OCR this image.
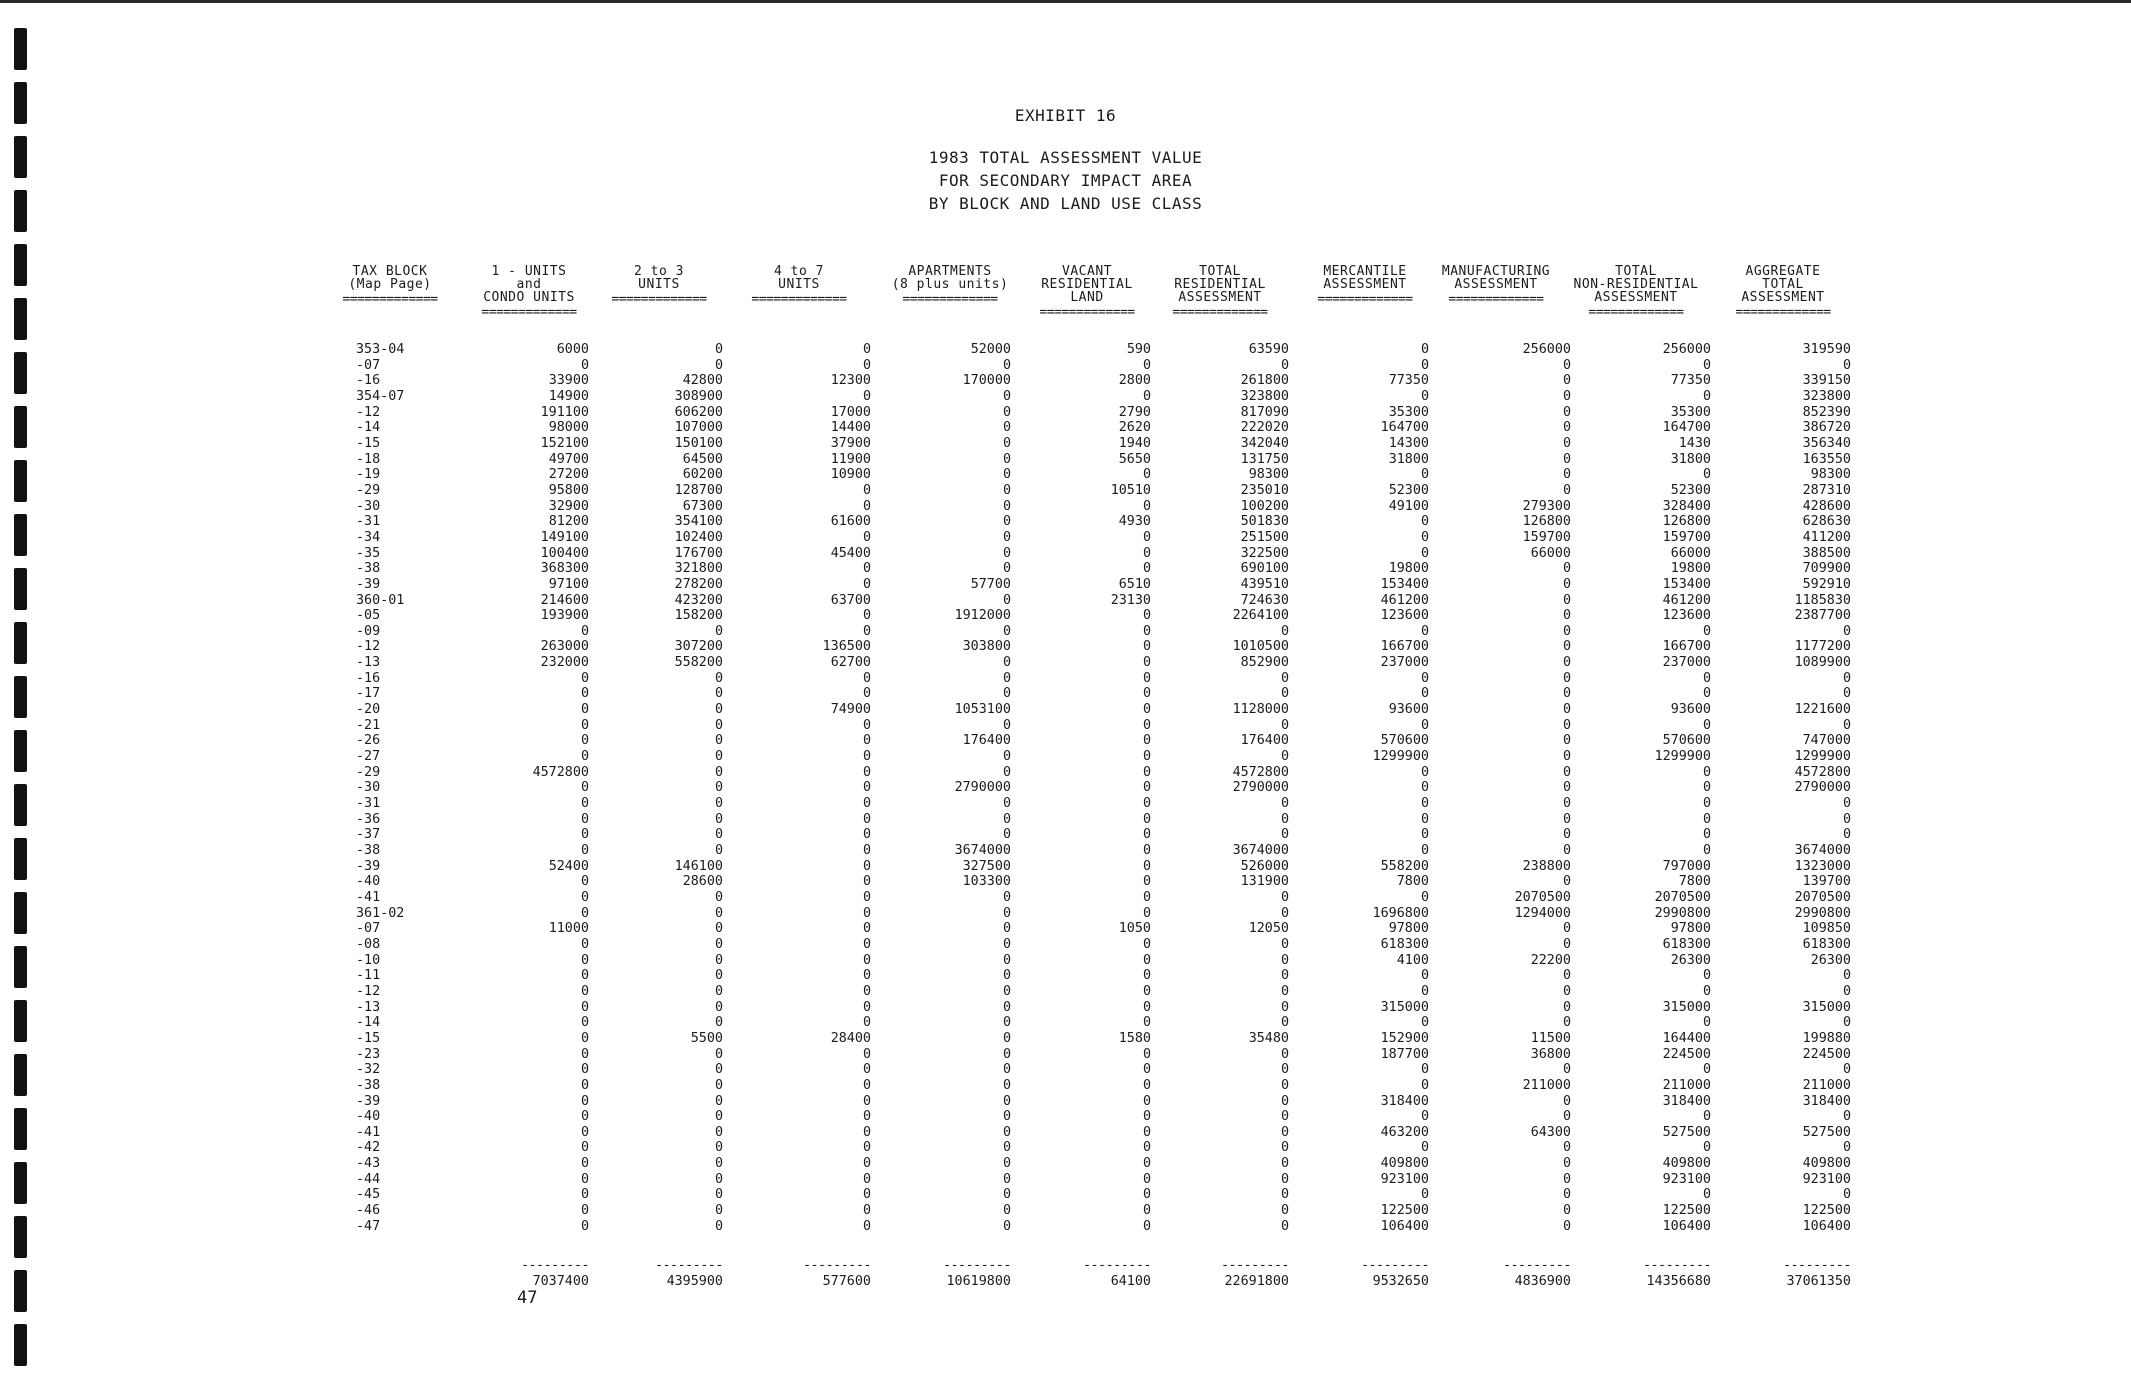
EXHIBIT 16
1983 TOTAL ASSESSMENT VALUE
FOR SECONDARY IMPACT AREA
BY BLOCK AND LAND USE CLASS
TAX BLOCK
(Map Page)
=============
1 - UNITS
and
CONDO UNITS
=============
2 to 3
UNITS
=============
4 to 7
UNITS
=============
APARTMENTS
(8 plus units)
=============
VACANT
RESIDENTIAL
LAND
=============
TOTAL
RESIDENTIAL
ASSESSMENT
=============
MERCANTILE
ASSESSMENT
=============
MANUFACTURING
ASSESSMENT
=============
TOTAL
NON-RESIDENTIAL
ASSESSMENT
=============
AGGREGATE
TOTAL
ASSESSMENT
=============
353-04
-07
-16
354-07
-12
-14
-15
-18
-19
-29
-30
-31
-34
-35
-38
-39
360-01
-05
-09
-12
-13
-16
-17
-20
-21
-26
-27
-29
-30
-31
-36
-37
-38
-39
-40
-41
361-02
-07
-08
-10
-11
-12
-13
-14
-15
-23
-32
-38
-39
-40
-41
-42
-43
-44
-45
-46
-47
6000
0
33900
14900
191100
98000
152100
49700
27200
95800
32900
81200
149100
100400
368300
97100
214600
193900
0
263000
232000
0
0
0
0
0
0
4572800
0
0
0
0
0
52400
0
0
0
11000
0
0
0
0
0
0
0
0
0
0
0
0
0
0
0
0
0
0
0
0
0
42800
308900
606200
107000
150100
64500
60200
128700
67300
354100
102400
176700
321800
278200
423200
158200
0
307200
558200
0
0
0
0
0
0
0
0
0
0
0
0
146100
28600
0
0
0
0
0
0
0
0
0
5500
0
0
0
0
0
0
0
0
0
0
0
0
0
0
12300
0
17000
14400
37900
11900
10900
0
0
61600
0
45400
0
0
63700
0
0
136500
62700
0
0
74900
0
0
0
0
0
0
0
0
0
0
0
0
0
0
0
0
0
0
0
0
28400
0
0
0
0
0
0
0
0
0
0
0
0
52000
0
170000
0
0
0
0
0
0
0
0
0
0
0
0
57700
0
1912000
0
303800
0
0
0
1053100
0
176400
0
0
2790000
0
0
0
3674000
327500
103300
0
0
0
0
0
0
0
0
0
0
0
0
0
0
0
0
0
0
0
0
0
0
590
0
2800
0
2790
2620
1940
5650
0
10510
0
4930
0
0
0
6510
23130
0
0
0
0
0
0
0
0
0
0
0
0
0
0
0
0
0
0
0
0
1050
0
0
0
0
0
0
1580
0
0
0
0
0
0
0
0
0
0
0
0
63590
0
261800
323800
817090
222020
342040
131750
98300
235010
100200
501830
251500
322500
690100
439510
724630
2264100
0
1010500
852900
0
0
1128000
0
176400
0
4572800
2790000
0
0
0
3674000
526000
131900
0
0
12050
0
0
0
0
0
0
35480
0
0
0
0
0
0
0
0
0
0
0
0
0
0
77350
0
35300
164700
14300
31800
0
52300
49100
0
0
0
19800
153400
461200
123600
0
166700
237000
0
0
93600
0
570600
1299900
0
0
0
0
0
0
558200
7800
0
1696800
97800
618300
4100
0
0
315000
0
152900
187700
0
0
318400
0
463200
0
409800
923100
0
122500
106400
256000
0
0
0
0
0
0
0
0
0
279300
126800
159700
66000
0
0
0
0
0
0
0
0
0
0
0
0
0
0
0
0
0
0
0
238800
0
2070500
1294000
0
0
22200
0
0
0
0
11500
36800
0
211000
0
0
64300
0
0
0
0
0
0
256000
0
77350
0
35300
164700
1430
31800
0
52300
328400
126800
159700
66000
19800
153400
461200
123600
0
166700
237000
0
0
93600
0
570600
1299900
0
0
0
0
0
0
797000
7800
2070500
2990800
97800
618300
26300
0
0
315000
0
164400
224500
0
211000
318400
0
527500
0
409800
923100
0
122500
106400
319590
0
339150
323800
852390
386720
356340
163550
98300
287310
428600
628630
411200
388500
709900
592910
1185830
2387700
0
1177200
1089900
0
0
1221600
0
747000
1299900
4572800
2790000
0
0
0
3674000
1323000
139700
2070500
2990800
109850
618300
26300
0
0
315000
0
199880
224500
0
211000
318400
0
527500
0
409800
923100
0
122500
106400
---------
7037400
---------
4395900
---------
577600
---------
10619800
---------
64100
---------
22691800
---------
9532650
---------
4836900
---------
14356680
---------
37061350
47
